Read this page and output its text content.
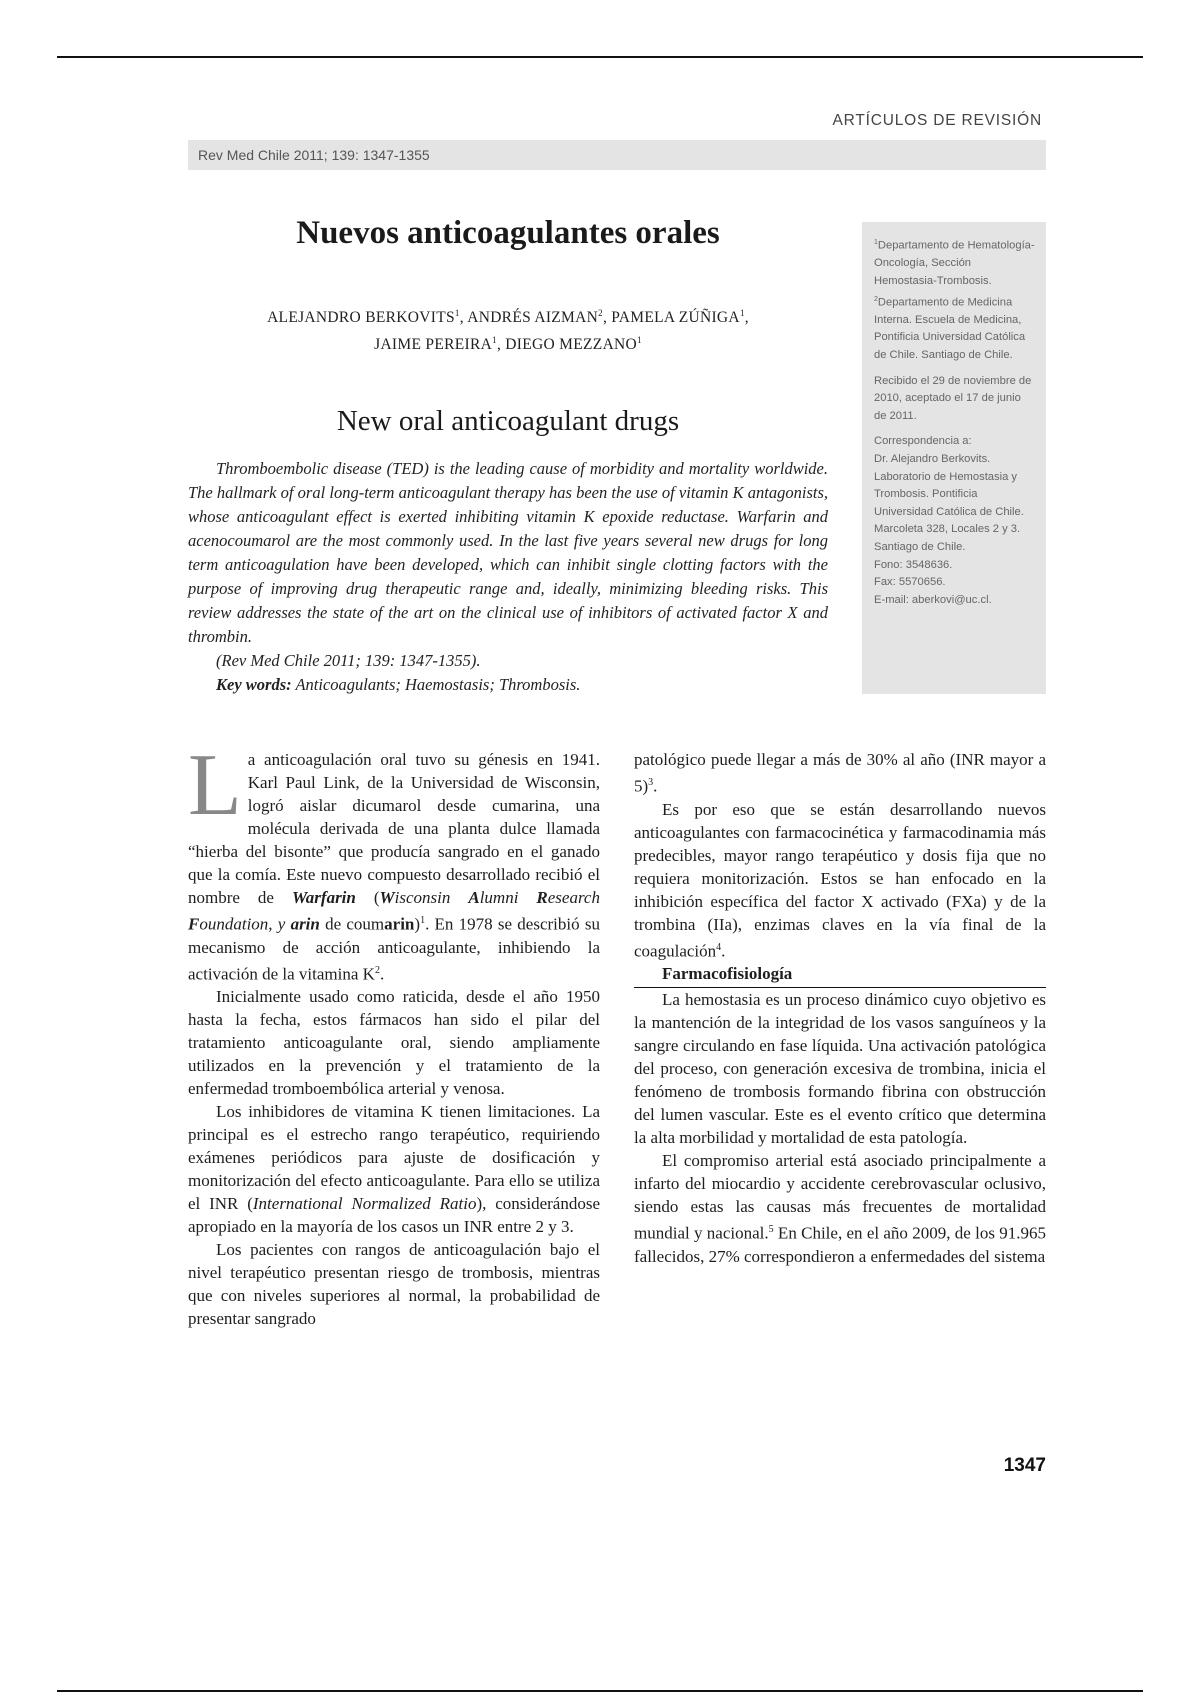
ARTÍCULOS DE REVISIÓN
Rev Med Chile 2011; 139: 1347-1355
Nuevos anticoagulantes orales
ALEJANDRO BERKOVITS$^1$, ANDRÉS AIZMAN$^2$, PAMELA ZÚÑIGA$^1$,
JAIME PEREIRA$^1$, DIEGO MEZZANO$^1$
New oral anticoagulant drugs

Thromboembolic disease (TED) is the leading cause of morbidity and mortality worldwide. The hallmark of oral long-term anticoagulant therapy has been the use of vitamin K antagonists, whose anticoagulant effect is exerted inhibiting vitamin K epoxide reductase. Warfarin and acenocoumarol are the most commonly used. In the last five years several new drugs for long term anticoagulation have been developed, which can inhibit single clotting factors with the purpose of improving drug therapeutic range and, ideally, minimizing bleeding risks. This review addresses the state of the art on the clinical use of inhibitors of activated factor X and thrombin.

(Rev Med Chile 2011; 139: 1347-1355).

Key words: Anticoagulants; Haemostasis; Thrombosis.

$^1$Departamento de Hematología-Oncología, Sección Hemostasia-Trombosis.
$^2$Departamento de Medicina Interna. Escuela de Medicina, Pontificia Universidad Católica de Chile. Santiago de Chile.

Recibido el 29 de noviembre de 2010, aceptado el 17 de junio de 2011.

Correspondencia a:
Dr. Alejandro Berkovits.
Laboratorio de Hemostasia y Trombosis. Pontificia Universidad Católica de Chile.
Marcoleta 328, Locales 2 y 3. Santiago de Chile.
Fono: 3548636.
Fax: 5570656.
E-mail: aberkovi@uc.cl.

La anticoagulación oral tuvo su génesis en 1941. Karl Paul Link, de la Universidad de Wisconsin, logró aislar dicumarol desde cumarina, una molécula derivada de una planta dulce llamada “hierba del bisonte” que producía sangrado en el ganado que la comía. Este nuevo compuesto desarrollado recibió el nombre de Warfarin (Wisconsin Alumni Research Foundation, y arin de coumarin)$^1$. En 1978 se describió su mecanismo de acción anticoagulante, inhibiendo la activación de la vitamina $K^2$.

Inicialmente usado como raticida, desde el año 1950 hasta la fecha, estos fármacos han sido el pilar del tratamiento anticoagulante oral, siendo ampliamente utilizados en la prevención y el tratamiento de la enfermedad tromboembólica arterial y venosa.

Los inhibidores de vitamina K tienen limitaciones. La principal es el estrecho rango terapéutico, requiriendo exámenes periódicos para ajuste de dosificación y monitorización del efecto anticoagulante. Para ello se utiliza el INR (International Normalized Ratio), considerándose apropiado en la mayoría de los casos un INR entre 2 y 3.

Los pacientes con rangos de anticoagulación bajo el nivel terapéutico presentan riesgo de trombosis, mientras que con niveles superiores al normal, la probabilidad de presentar sangrado

patológico puede llegar a más de 30% al año (INR mayor a 5)$^3$.

Es por eso que se están desarrollando nuevos anticoagulantes con farmacocinética y farmacodinamia más predecibles, mayor rango terapéutico y dosis fija que no requiera monitorización. Estos se han enfocado en la inhibición específica del factor X activado (FXa) y de la trombina (IIa), enzimas claves en la vía final de la coagulación$^4$.

Farmacofisiología

La hemostasia es un proceso dinámico cuyo objetivo es la mantención de la integridad de los vasos sanguíneos y la sangre circulando en fase líquida. Una activación patológica del proceso, con generación excesiva de trombina, inicia el fenómeno de trombosis formando fibrina con obstrucción del lumen vascular. Este es el evento crítico que determina la alta morbilidad y mortalidad de esta patología.

El compromiso arterial está asociado principalmente a infarto del miocardio y accidente cerebrovascular oclusivo, siendo estas las causas más frecuentes de mortalidad mundial y nacional.$^5$ En Chile, en el año 2009, de los 91.965 fallecidos, 27% correspondieron a enfermedades del sistema

1347
